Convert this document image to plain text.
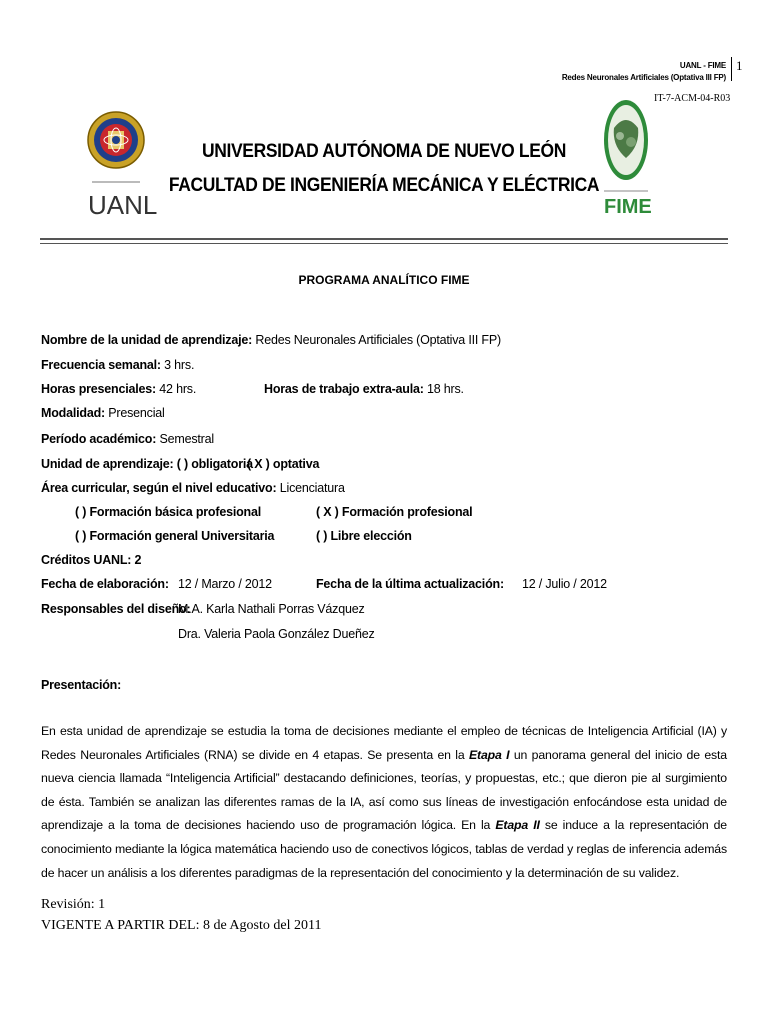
UANL - FIME
Redes Neuronales Artificiales (Optativa III FP)
1
IT-7-ACM-04-R03
UANL	FIME
UNIVERSIDAD AUTÓNOMA DE NUEVO LEÓN
FACULTAD DE INGENIERÍA MECÁNICA Y ELÉCTRICA
PROGRAMA ANALÍTICO FIME
Nombre de la unidad de aprendizaje: Redes Neuronales Artificiales (Optativa III FP)
Frecuencia semanal: 3 hrs.
Horas presenciales: 42 hrs.	Horas de trabajo extra-aula: 18 hrs.
Modalidad: Presencial
Período académico: Semestral
Unidad de aprendizaje: ( ) obligatoria
( X ) optativa
Área curricular, según el nivel educativo: Licenciatura
( ) Formación básica profesional	( X ) Formación profesional
( ) Formación general Universitaria	( ) Libre elección
Créditos UANL: 2
Fecha de elaboración: 12 / Marzo / 2012	Fecha de la última actualización: 12 / Julio / 2012
Responsables del diseño:
M.A. Karla Nathali Porras Vázquez
Dra. Valeria Paola González Dueñez
Presentación:
En esta unidad de aprendizaje se estudia la toma de decisiones mediante el empleo de técnicas de Inteligencia Artificial (IA) y Redes Neuronales Artificiales (RNA) se divide en 4 etapas. Se presenta en la Etapa I un panorama general del inicio de esta nueva ciencia llamada “Inteligencia Artificial” destacando definiciones, teorías, y propuestas, etc.; que dieron pie al surgimiento de ésta. También se analizan las diferentes ramas de la IA, así como sus líneas de investigación enfocándose esta unidad de aprendizaje a la toma de decisiones haciendo uso de programación lógica. En la Etapa II se induce a la representación de conocimiento mediante la lógica matemática haciendo uso de conectivos lógicos, tablas de verdad y reglas de inferencia además de hacer un análisis a los diferentes paradigmas de la representación del conocimiento y la determinación de su validez.
Revisión: 1
VIGENTE A PARTIR DEL: 8 de Agosto del 2011
